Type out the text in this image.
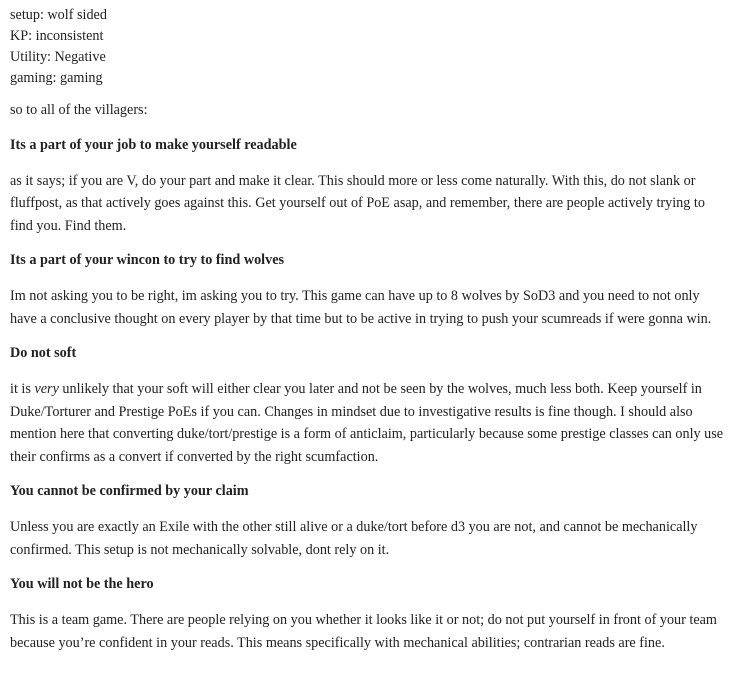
setup: wolf sided
KP: inconsistent
Utility: Negative
gaming: gaming

so to all of the villagers:

Its a part of your job to make yourself readable

as it says; if you are V, do your part and make it clear. This should more or less come naturally. With this, do not slank or fluffpost, as that actively goes against this. Get yourself out of PoE asap, and remember, there are people actively trying to find you. Find them.

Its a part of your wincon to try to find wolves

Im not asking you to be right, im asking you to try. This game can have up to 8 wolves by SoD3 and you need to not only have a conclusive thought on every player by that time but to be active in trying to push your scumreads if were gonna win.

Do not soft

it is very unlikely that your soft will either clear you later and not be seen by the wolves, much less both. Keep yourself in Duke/Torturer and Prestige PoEs if you can. Changes in mindset due to investigative results is fine though. I should also mention here that converting duke/tort/prestige is a form of anticlaim, particularly because some prestige classes can only use their confirms as a convert if converted by the right scumfaction.

You cannot be confirmed by your claim

Unless you are exactly an Exile with the other still alive or a duke/tort before d3 you are not, and cannot be mechanically confirmed. This setup is not mechanically solvable, dont rely on it.

You will not be the hero

This is a team game. There are people relying on you whether it looks like it or not; do not put yourself in front of your team because you’re confident in your reads. This means specifically with mechanical abilities; contrarian reads are fine.
